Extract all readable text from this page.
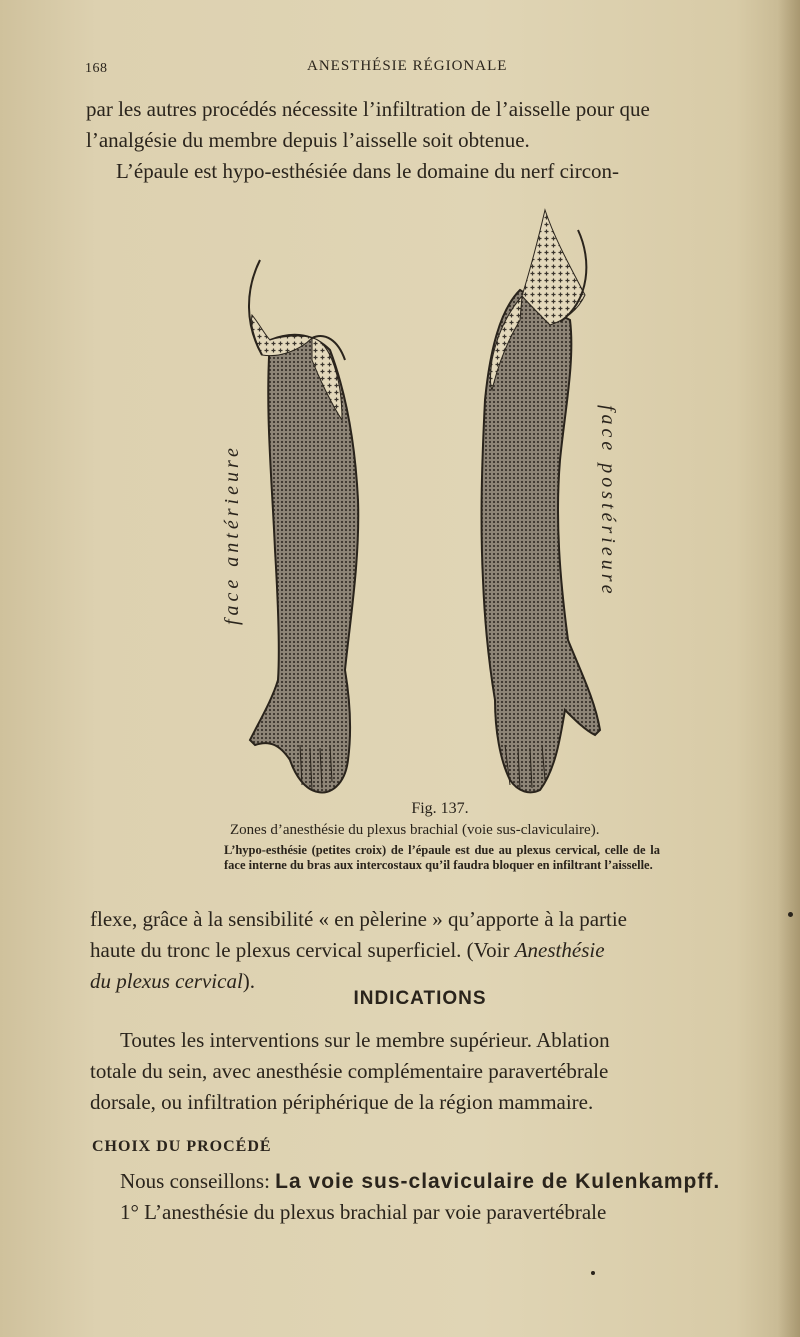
168	ANESTHÉSIE RÉGIONALE

par les autres procédés nécessite l’infiltration de l’aisselle pour que
l’analgésie du membre depuis l’aisselle soit obtenue.
L’épaule est hypo-esthésiée dans le domaine du nerf circon-

face antérieure	face postérieure

Fig. 137.

Zones d’anesthésie du plexus brachial (voie sus-claviculaire).

L’hypo-esthésie (petites croix) de l’épaule est due au plexus cervical, celle de la face interne du bras aux intercostaux qu’il faudra bloquer en infiltrant l’aisselle.

flexe, grâce à la sensibilité « en pèlerine » qu’apporte à la partie
haute du tronc le plexus cervical superficiel. (Voir Anesthésie
du plexus cervical).

INDICATIONS

Toutes les interventions sur le membre supérieur. Ablation
totale du sein, avec anesthésie complémentaire paravertébrale
dorsale, ou infiltration périphérique de la région mammaire.

CHOIX DU PROCÉDÉ

Nous conseillons: La voie sus-claviculaire de Kulenkampff.
1° L’anesthésie du plexus brachial par voie paravertébrale
